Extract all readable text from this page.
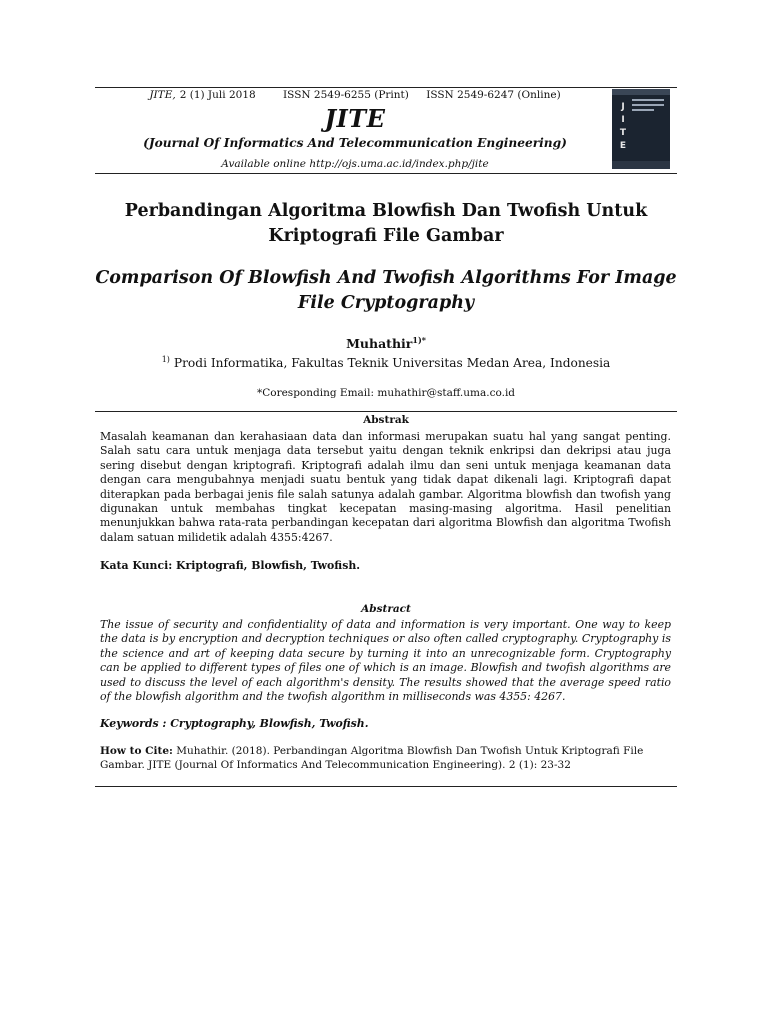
JITE, 2 (1) Juli 2018	ISSN 2549-6255 (Print) ISSN 2549-6247 (Online)
JITE
(Journal Of Informatics And Telecommunication Engineering)
Available online http://ojs.uma.ac.id/index.php/jite
J
I
T
E
Perbandingan Algoritma Blowfish Dan Twofish Untuk Kriptografi File Gambar
Comparison Of Blowfish And Twofish Algorithms For Image File Cryptography
Muhathir$^{1)*}$
$^{1)}$ Prodi Informatika, Fakultas Teknik Universitas Medan Area, Indonesia
*Coresponding Email: muhathir@staff.uma.co.id
Abstrak
Masalah keamanan dan kerahasiaan data dan informasi merupakan suatu hal yang sangat penting. Salah satu cara untuk menjaga data tersebut yaitu dengan teknik enkripsi dan dekripsi atau juga sering disebut dengan kriptografi. Kriptografi adalah ilmu dan seni untuk menjaga keamanan data dengan cara mengubahnya menjadi suatu bentuk yang tidak dapat dikenali lagi. Kriptografi dapat diterapkan pada berbagai jenis file salah satunya adalah gambar. Algoritma blowfish dan twofish yang digunakan untuk membahas tingkat kecepatan masing-masing algoritma. Hasil penelitian menunjukkan bahwa rata-rata perbandingan kecepatan dari algoritma Blowfish dan algoritma Twofish dalam satuan milidetik adalah 4355:4267.
Kata Kunci: Kriptografi, Blowfish, Twofish.
Abstract
The issue of security and confidentiality of data and information is very important. One way to keep the data is by encryption and decryption techniques or also often called cryptography. Cryptography is the science and art of keeping data secure by turning it into an unrecognizable form. Cryptography can be applied to different types of files one of which is an image. Blowfish and twofish algorithms are used to discuss the level of each algorithm's density. The results showed that the average speed ratio of the blowfish algorithm and the twofish algorithm in milliseconds was 4355: 4267.
Keywords : Cryptography, Blowfish, Twofish.
How to Cite: Muhathir. (2018). Perbandingan Algoritma Blowfish Dan Twofish Untuk Kriptografi File Gambar. JITE (Journal Of Informatics And Telecommunication Engineering). 2 (1): 23-32
